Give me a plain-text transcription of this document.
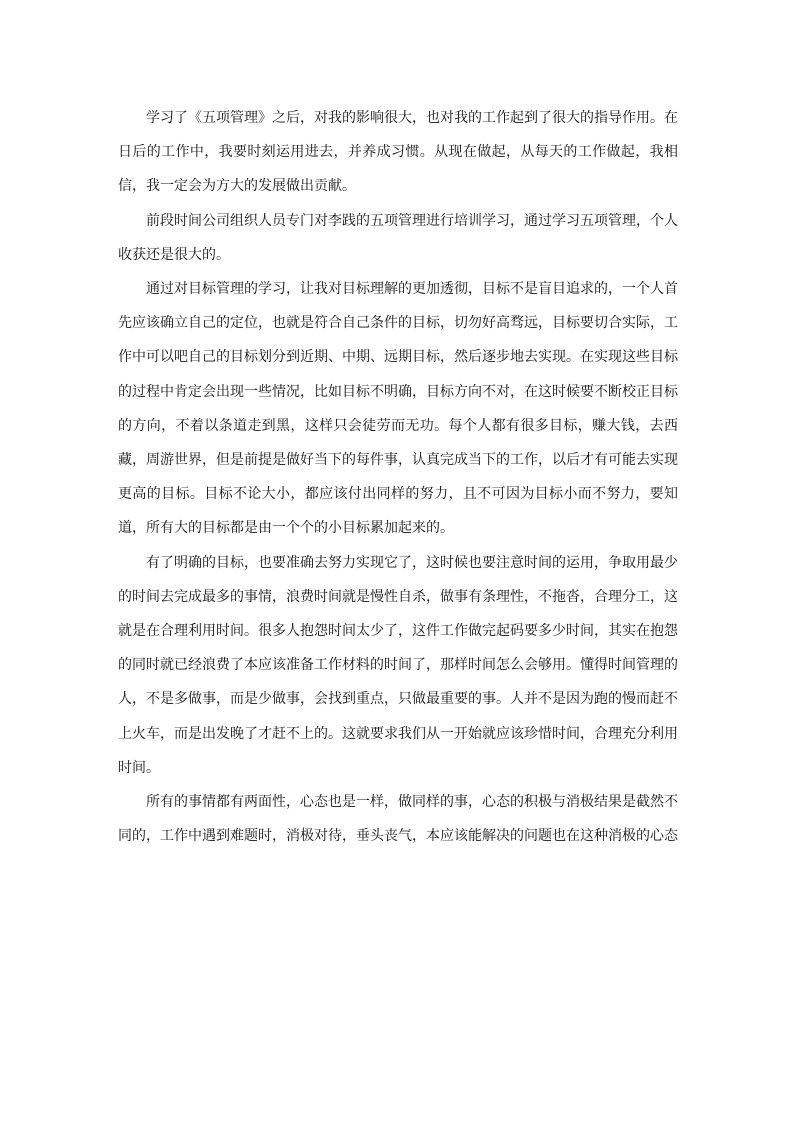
学习了《五项管理》之后，对我的影响很大，也对我的工作起到了很大的指导作用。在日后的工作中，我要时刻运用进去，并养成习惯。从现在做起，从每天的工作做起，我相信，我一定会为方大的发展做出贡献。

前段时间公司组织人员专门对李践的五项管理进行培训学习，通过学习五项管理，个人收获还是很大的。

通过对目标管理的学习，让我对目标理解的更加透彻，目标不是盲目追求的，一个人首先应该确立自己的定位，也就是符合自己条件的目标，切勿好高骛远，目标要切合实际，工作中可以吧自己的目标划分到近期、中期、远期目标，然后逐步地去实现。在实现这些目标的过程中肯定会出现一些情况，比如目标不明确，目标方向不对，在这时候要不断校正目标的方向，不着以条道走到黑，这样只会徒劳而无功。每个人都有很多目标，赚大钱，去西藏，周游世界，但是前提是做好当下的每件事，认真完成当下的工作，以后才有可能去实现更高的目标。目标不论大小，都应该付出同样的努力，且不可因为目标小而不努力，要知道，所有大的目标都是由一个个的小目标累加起来的。

有了明确的目标，也要准确去努力实现它了，这时候也要注意时间的运用，争取用最少的时间去完成最多的事情，浪费时间就是慢性自杀，做事有条理性，不拖沓，合理分工，这就是在合理利用时间。很多人抱怨时间太少了，这件工作做完起码要多少时间，其实在抱怨的同时就已经浪费了本应该准备工作材料的时间了，那样时间怎么会够用。懂得时间管理的人，不是多做事，而是少做事，会找到重点，只做最重要的事。人并不是因为跑的慢而赶不上火车，而是出发晚了才赶不上的。这就要求我们从一开始就应该珍惜时间，合理充分利用时间。

所有的事情都有两面性，心态也是一样，做同样的事，心态的积极与消极结果是截然不同的，工作中遇到难题时，消极对待，垂头丧气，本应该能解决的问题也在这种消极的心态
